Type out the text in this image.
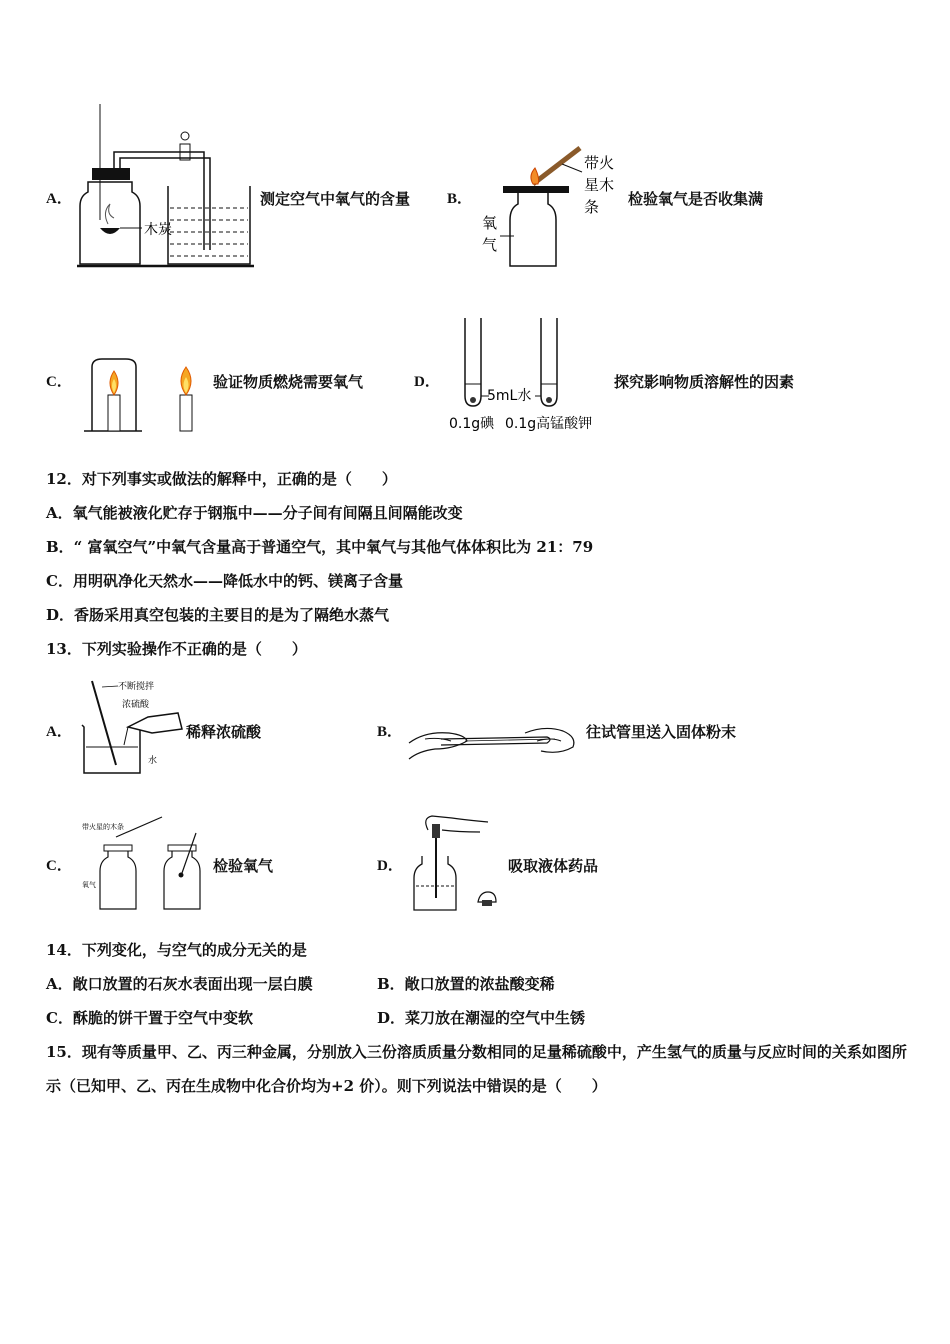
A．
木炭
测定空气中氧气的含量 B．
带火
星木
条
氧
气
检验氧气是否收集满
C．	验证物质燃烧需要氧气	D．
5mL水
0.1g碘 0.1g高锰酸钾
探究影响物质溶解性的因素
12．对下列事实或做法的解释中，正确的是（　　）
A．氧气能被液化贮存于钢瓶中——分子间有间隔且间隔能改变
B．“ 富氧空气”中氧气含量高于普通空气，其中氧气与其他气体体积比为 21：79
C．用明矾净化天然水——降低水中的钙、镁离子含量
D．香肠采用真空包装的主要目的是为了隔绝水蒸气
13．下列实验操作不正确的是（　　）
A．
不断搅拌
浓硫酸
水
稀释浓硫酸	B．	往试管里送入固体粉末
C．
带火星的木条
氧气
检验氧气	D．	吸取液体药品
14．下列变化，与空气的成分无关的是
A．敞口放置的石灰水表面出现一层白膜	B．敞口放置的浓盐酸变稀
C．酥脆的饼干置于空气中变软	D．菜刀放在潮湿的空气中生锈
15．现有等质量甲、乙、丙三种金属，分别放入三份溶质质量分数相同的足量稀硫酸中，产生氢气的质量与反应时间的关系如图所示（已知甲、乙、丙在生成物中化合价均为+2 价）。则下列说法中错误的是（　　）
